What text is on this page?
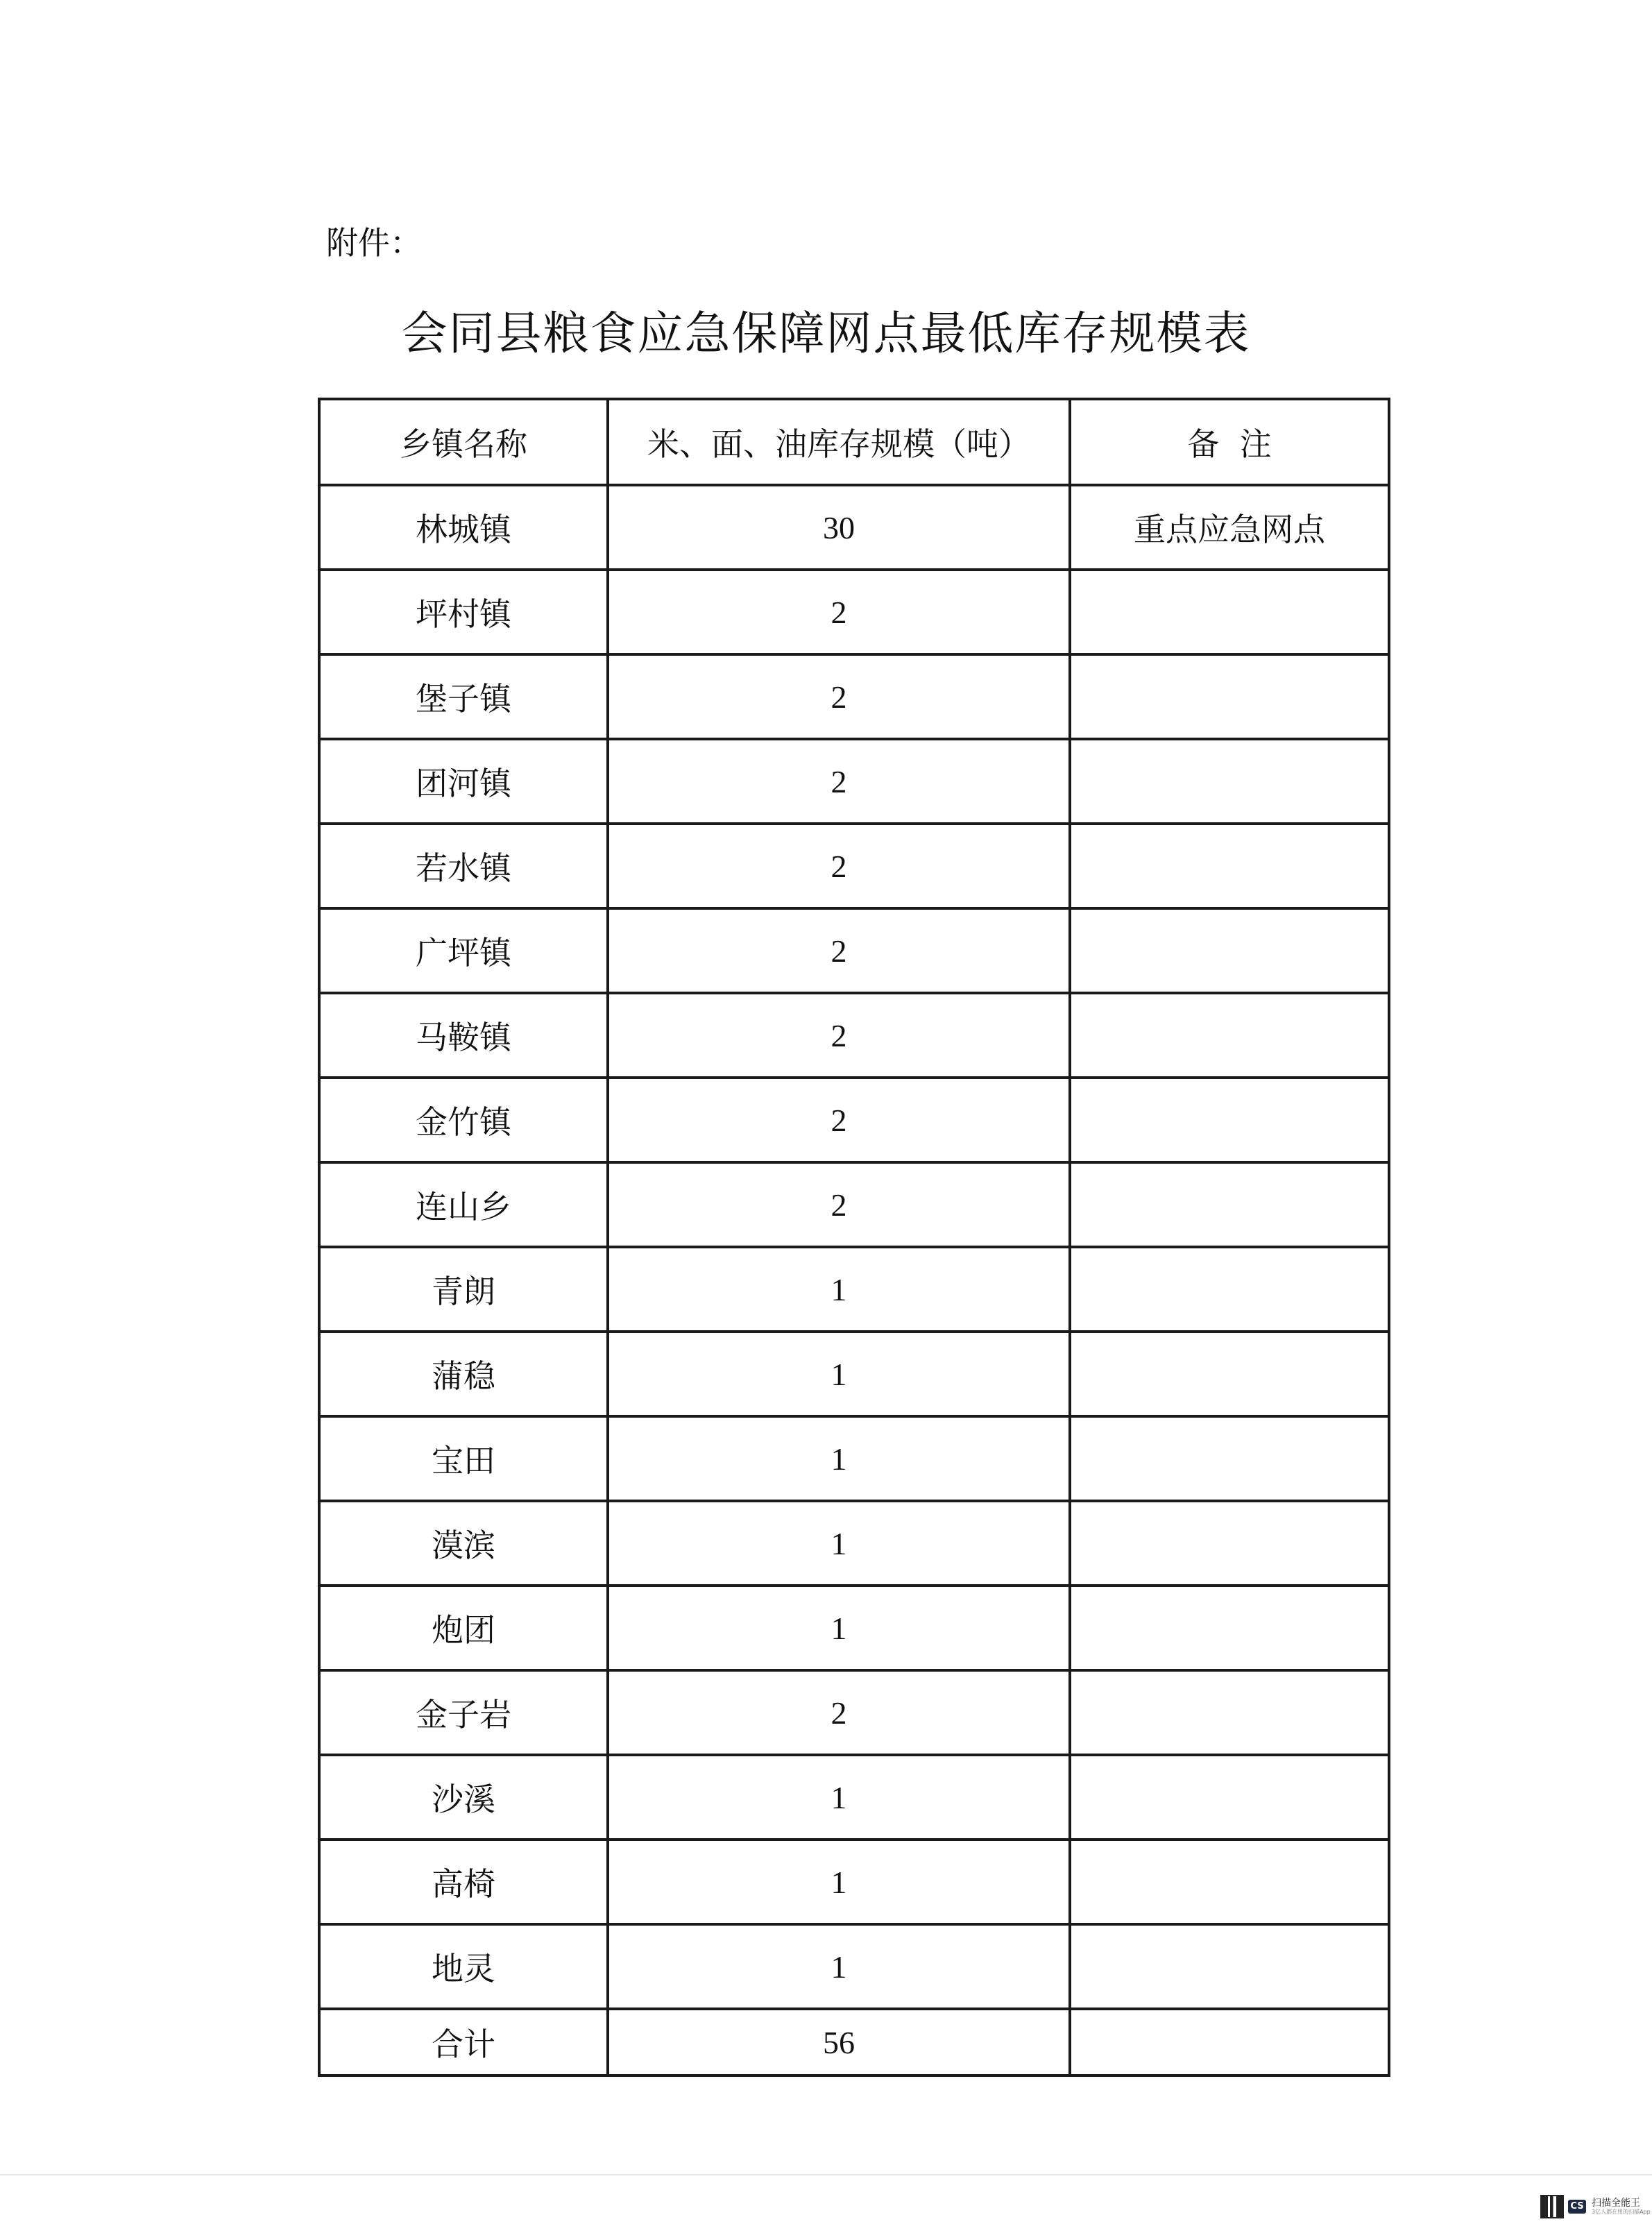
附件：
会同县粮食应急保障网点最低库存规模表
乡镇名称	米、面、油库存规模（吨）	备  注
林城镇	30	重点应急网点
坪村镇	2	
堡子镇	2	
团河镇	2	
若水镇	2	
广坪镇	2	
马鞍镇	2	
金竹镇	2	
连山乡	2	
青朗	1	
蒲稳	1	
宝田	1	
漠滨	1	
炮团	1	
金子岩	2	
沙溪	1	
高椅	1	
地灵	1	
合计	56	
CS 扫描全能王
3亿人都在用的扫描App
